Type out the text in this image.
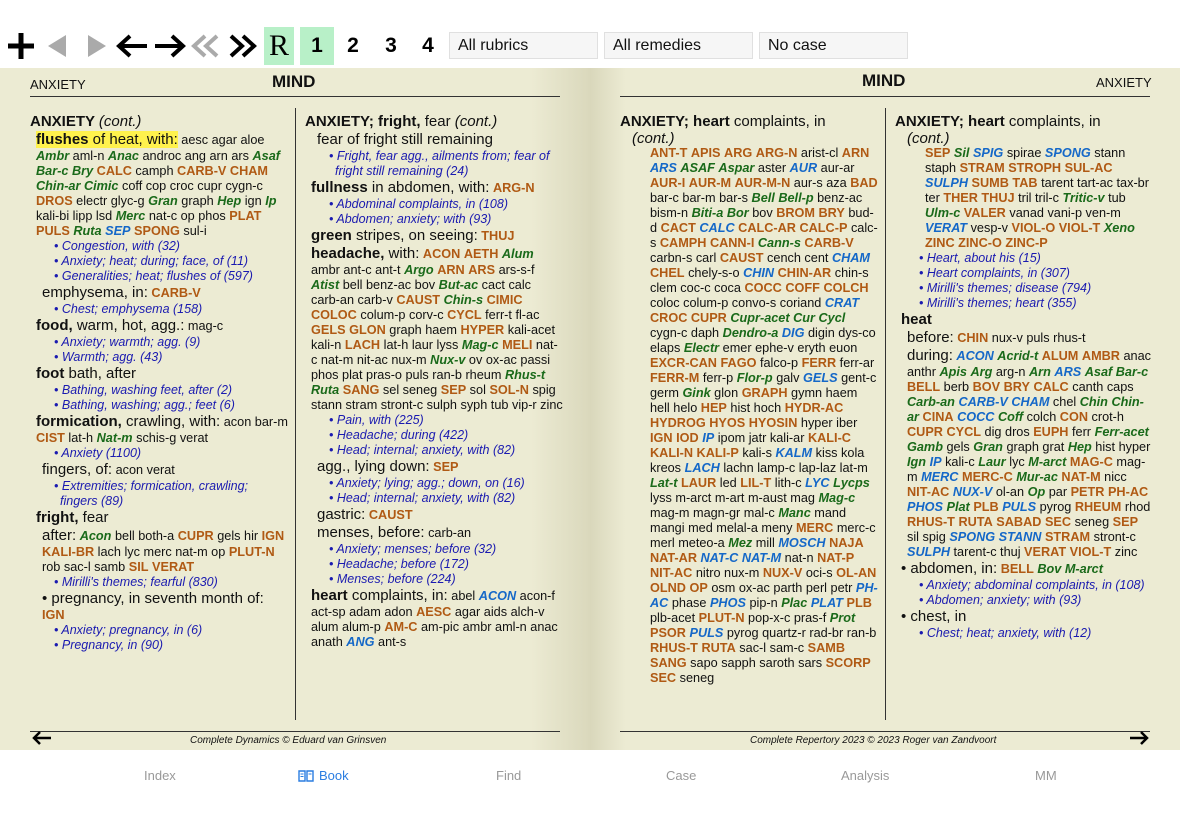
R	1	2 3 4	All rubrics	All remedies	No case
ANXIETY	MIND

ANXIETY (cont.)

flushes of heat, with: aesc agar aloe Ambr aml-n Anac androc ang arn ars Asaf Bar-c Bry CALC camph CARB-V CHAM Chin-ar Cimic coff cop croc cupr cygn-c DROS electr glyc-g Gran graph Hep ign Ip kali-bi lipp lsd Merc nat-c op phos PLAT PULS Ruta SEP SPONG sul-i

• Congestion, with (32)

• Anxiety; heat; during; face, of (11)

• Generalities; heat; flushes of (597)

emphysema, in: CARB-V

• Chest; emphysema (158)

food, warm, hot, agg.: mag-c

• Anxiety; warmth; agg. (9)

• Warmth; agg. (43)

foot bath, after

• Bathing, washing feet, after (2)

• Bathing, washing; agg.; feet (6)

formication, crawling, with: acon bar-m CIST lat-h Nat-m schis-g verat

• Anxiety (1100)

fingers, of: acon verat

• Extremities; formication, crawling; fingers (89)

fright, fear

after: Acon bell both-a CUPR gels hir IGN KALI-BR lach lyc merc nat-m op PLUT-N rob sac-l samb SIL VERAT

• Mirilli's themes; fearful (830)

• pregnancy, in seventh month of: IGN

• Anxiety; pregnancy, in (6)

• Pregnancy, in (90)

ANXIETY; fright, fear (cont.)

fear of fright still remaining

• Fright, fear agg., ailments from; fear of fright still remaining (24)

fullness in abdomen, with: ARG-N

• Abdominal complaints, in (108)

• Abdomen; anxiety; with (93)

green stripes, on seeing: THUJ

headache, with: ACON AETH Alum ambr ant-c ant-t Argo ARN ARS ars-s-f Atist bell benz-ac bov But-ac cact calc carb-an carb-v CAUST Chin-s CIMIC COLOC colum-p corv-c CYCL ferr-t fl-ac GELS GLON graph haem HYPER kali-acet kali-n LACH lat-h laur lyss Mag-c MELI nat-c nat-m nit-ac nux-m Nux-v ov ox-ac passi phos plat pras-o puls ran-b rheum Rhus-t Ruta SANG sel seneg SEP sol SOL-N spig stann stram stront-c sulph syph tub vip-r zinc

• Pain, with (225)

• Headache; during (422)

• Head; internal; anxiety, with (82)

agg., lying down: SEP

• Anxiety; lying; agg.; down, on (16)

• Head; internal; anxiety, with (82)

gastric: CAUST

menses, before: carb-an

• Anxiety; menses; before (32)

• Headache; before (172)

• Menses; before (224)

heart complaints, in: abel ACON acon-f act-sp adam adon AESC agar aids alch-v alum alum-p AM-C am-pic ambr aml-n anac anath ANG ant-s

Complete Dynamics © Eduard van Grinsven
MIND	ANXIETY

ANXIETY; heart complaints, in

(cont.)

ANT-T APIS ARG ARG-N arist-cl ARN ARS ASAF Aspar aster AUR aur-ar AUR-I AUR-M AUR-M-N aur-s aza BAD bar-c bar-m bar-s Bell Bell-p benz-ac bism-n Biti-a Bor bov BROM BRY bud-d CACT CALC CALC-AR CALC-P calc-s CAMPH CANN-I Cann-s CARB-V carbn-s carl CAUST cench cent CHAM CHEL chely-s-o CHIN CHIN-AR chin-s clem coc-c coca COCC COFF COLCH coloc colum-p convo-s coriand CRAT CROC CUPR Cupr-acet Cur Cycl cygn-c daph Dendro-a DIG digin dys-co elaps Electr emer ephe-v eryth euon EXCR-CAN FAGO falco-p FERR ferr-ar FERR-M ferr-p Flor-p galv GELS gent-c germ Gink glon GRAPH gymn haem hell helo HEP hist hoch HYDR-AC HYDROG HYOS HYOSIN hyper iber IGN IOD IP ipom jatr kali-ar KALI-C KALI-N KALI-P kali-s KALM kiss kola kreos LACH lachn lamp-c lap-laz lat-m Lat-t LAUR led LIL-T lith-c LYC Lycps lyss m-arct m-art m-aust mag Mag-c mag-m magn-gr mal-c Manc mand mangi med melal-a meny MERC merc-c merl meteo-a Mez mill MOSCH NAJA NAT-AR NAT-C NAT-M nat-n NAT-P NIT-AC nitro nux-m NUX-V oci-s OL-AN OLND OP osm ox-ac parth perl petr PH-AC phase PHOS pip-n Plac PLAT PLB plb-acet PLUT-N pop-x-c pras-f Prot PSOR PULS pyrog quartz-r rad-br ran-b RHUS-T RUTA sac-l sam-c SAMB SANG sapo sapph saroth sars SCORP SEC seneg

ANXIETY; heart complaints, in

(cont.)

SEP Sil SPIG spirae SPONG stann staph STRAM STROPH SUL-AC SULPH SUMB TAB tarent tart-ac tax-br ter THER THUJ tril tril-c Tritic-v tub Ulm-c VALER vanad vani-p ven-m VERAT vesp-v VIOL-O VIOL-T Xeno ZINC ZINC-O ZINC-P

• Heart, about his (15)

• Heart complaints, in (307)

• Mirilli's themes; disease (794)

• Mirilli's themes; heart (355)

heat

before: CHIN nux-v puls rhus-t

during: ACON Acrid-t ALUM AMBR anac anthr Apis Arg arg-n Arn ARS Asaf Bar-c BELL berb BOV BRY CALC canth caps Carb-an CARB-V CHAM chel Chin Chin-ar CINA COCC Coff colch CON crot-h CUPR CYCL dig dros EUPH ferr Ferr-acet Gamb gels Gran graph grat Hep hist hyper Ign IP kali-c Laur lyc M-arct MAG-C mag-m MERC MERC-C Mur-ac NAT-M nicc NIT-AC NUX-V ol-an Op par PETR PH-AC PHOS Plat PLB PULS pyrog RHEUM rhod RHUS-T RUTA SABAD SEC seneg SEP sil spig SPONG STANN STRAM stront-c SULPH tarent-c thuj VERAT VIOL-T zinc

• abdomen, in: BELL Bov M-arct

• Anxiety; abdominal complaints, in (108)

• Abdomen; anxiety; with (93)

• chest, in

• Chest; heat; anxiety, with (12)

Complete Repertory 2023 © 2023 Roger van Zandvoort
Index	Book	Find	Case	Analysis	MM
